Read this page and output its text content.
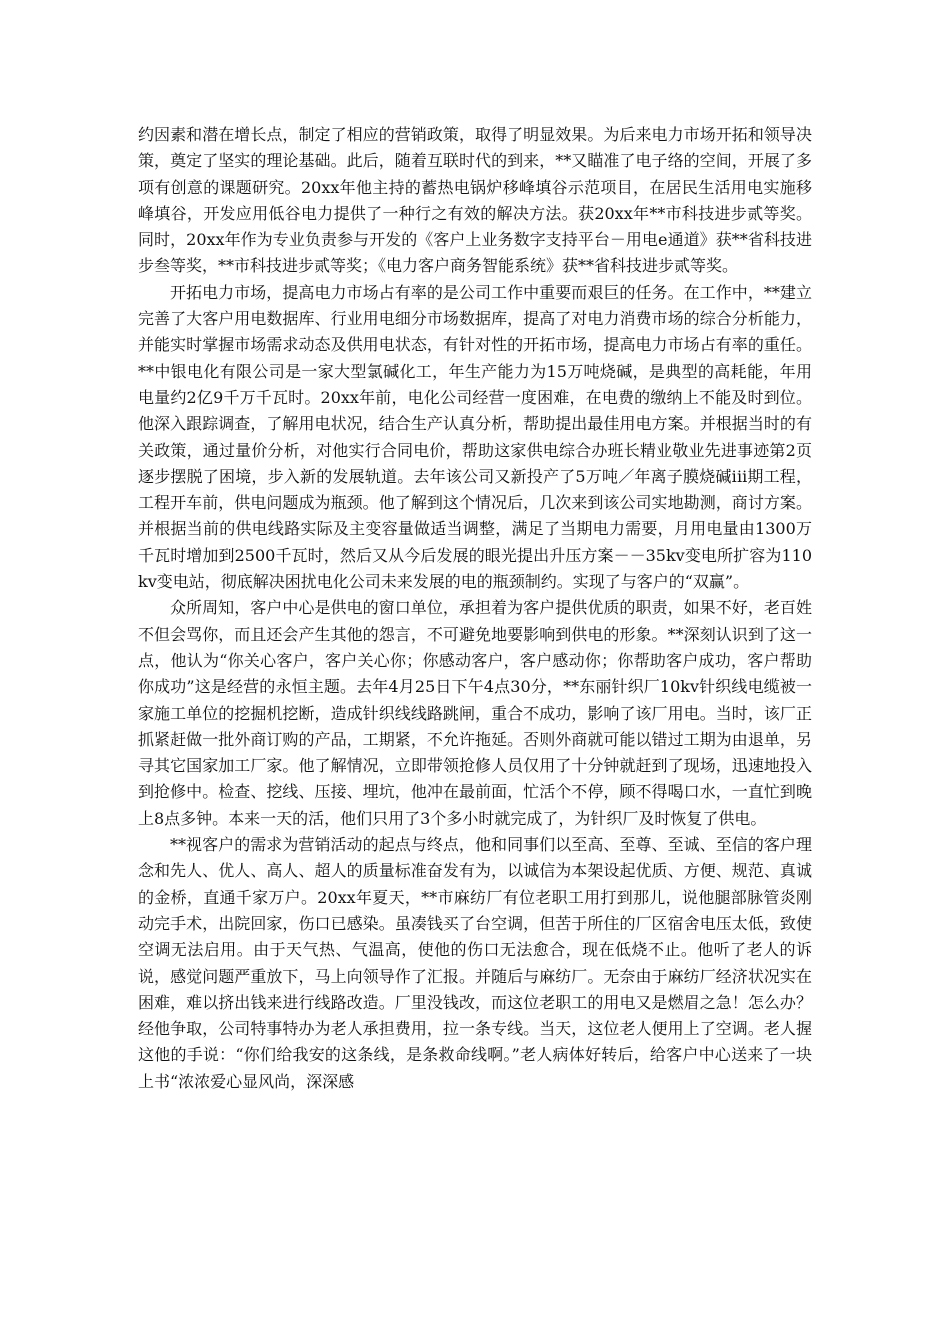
约因素和潜在增长点，制定了相应的营销政策，取得了明显效果。为后来电力市场开拓和领导决策，奠定了坚实的理论基础。此后，随着互联时代的到来，**又瞄准了电子络的空间，开展了多项有创意的课题研究。20xx年他主持的蓄热电锅炉移峰填谷示范项目，在居民生活用电实施移峰填谷，开发应用低谷电力提供了一种行之有效的解决方法。获20xx年**市科技进步贰等奖。同时，20xx年作为专业负责参与开发的《客户上业务数字支持平台－用电e通道》获**省科技进步叁等奖，**市科技进步贰等奖；《电力客户商务智能系统》获**省科技进步贰等奖。

开拓电力市场，提高电力市场占有率的是公司工作中重要而艰巨的任务。在工作中，**建立完善了大客户用电数据库、行业用电细分市场数据库，提高了对电力消费市场的综合分析能力，并能实时掌握市场需求动态及供用电状态，有针对性的开拓市场，提高电力市场占有率的重任。**中银电化有限公司是一家大型氯碱化工，年生产能力为15万吨烧碱，是典型的高耗能，年用电量约2亿9千万千瓦时。20xx年前，电化公司经营一度困难，在电费的缴纳上不能及时到位。他深入跟踪调查，了解用电状况，结合生产认真分析，帮助提出最佳用电方案。并根据当时的有关政策，通过量价分析，对他实行合同电价，帮助这家供电综合办班长精业敬业先进事迹第2页逐步摆脱了困境，步入新的发展轨道。去年该公司又新投产了5万吨／年离子膜烧碱ⅰⅱ期工程，工程开车前，供电问题成为瓶颈。他了解到这个情况后，几次来到该公司实地勘测，商讨方案。并根据当前的供电线路实际及主变容量做适当调整，满足了当期电力需要，月用电量由1300万千瓦时增加到2500千瓦时，然后又从今后发展的眼光提出升压方案－－35kv变电所扩容为110kv变电站，彻底解决困扰电化公司未来发展的电的瓶颈制约。实现了与客户的“双赢”。

众所周知，客户中心是供电的窗口单位，承担着为客户提供优质的职责，如果不好，老百姓不但会骂你，而且还会产生其他的怨言，不可避免地要影响到供电的形象。**深刻认识到了这一点，他认为“你关心客户，客户关心你；你感动客户，客户感动你；你帮助客户成功，客户帮助你成功”这是经营的永恒主题。去年4月25日下午4点30分，**东丽针织厂10kv针织线电缆被一家施工单位的挖掘机挖断，造成针织线线路跳闸，重合不成功，影响了该厂用电。当时，该厂正抓紧赶做一批外商订购的产品，工期紧，不允许拖延。否则外商就可能以错过工期为由退单，另寻其它国家加工厂家。他了解情况，立即带领抢修人员仅用了十分钟就赶到了现场，迅速地投入到抢修中。检查、挖线、压接、埋坑，他冲在最前面，忙活个不停，顾不得喝口水，一直忙到晚上8点多钟。本来一天的活，他们只用了3个多小时就完成了，为针织厂及时恢复了供电。

**视客户的需求为营销活动的起点与终点，他和同事们以至高、至尊、至诚、至信的客户理念和先人、优人、高人、超人的质量标准奋发有为，以诚信为本架设起优质、方便、规范、真诚的金桥，直通千家万户。20xx年夏天，**市麻纺厂有位老职工用打到那儿，说他腿部脉管炎刚动完手术，出院回家，伤口已感染。虽凑钱买了台空调，但苦于所住的厂区宿舍电压太低，致使空调无法启用。由于天气热、气温高，使他的伤口无法愈合，现在低烧不止。他听了老人的诉说，感觉问题严重放下，马上向领导作了汇报。并随后与麻纺厂。无奈由于麻纺厂经济状况实在困难，难以挤出钱来进行线路改造。厂里没钱改，而这位老职工的用电又是燃眉之急！怎么办？经他争取，公司特事特办为老人承担费用，拉一条专线。当天，这位老人便用上了空调。老人握这他的手说：“你们给我安的这条线，是条救命线啊。”老人病体好转后，给客户中心送来了一块上书“浓浓爱心显风尚，深深感
